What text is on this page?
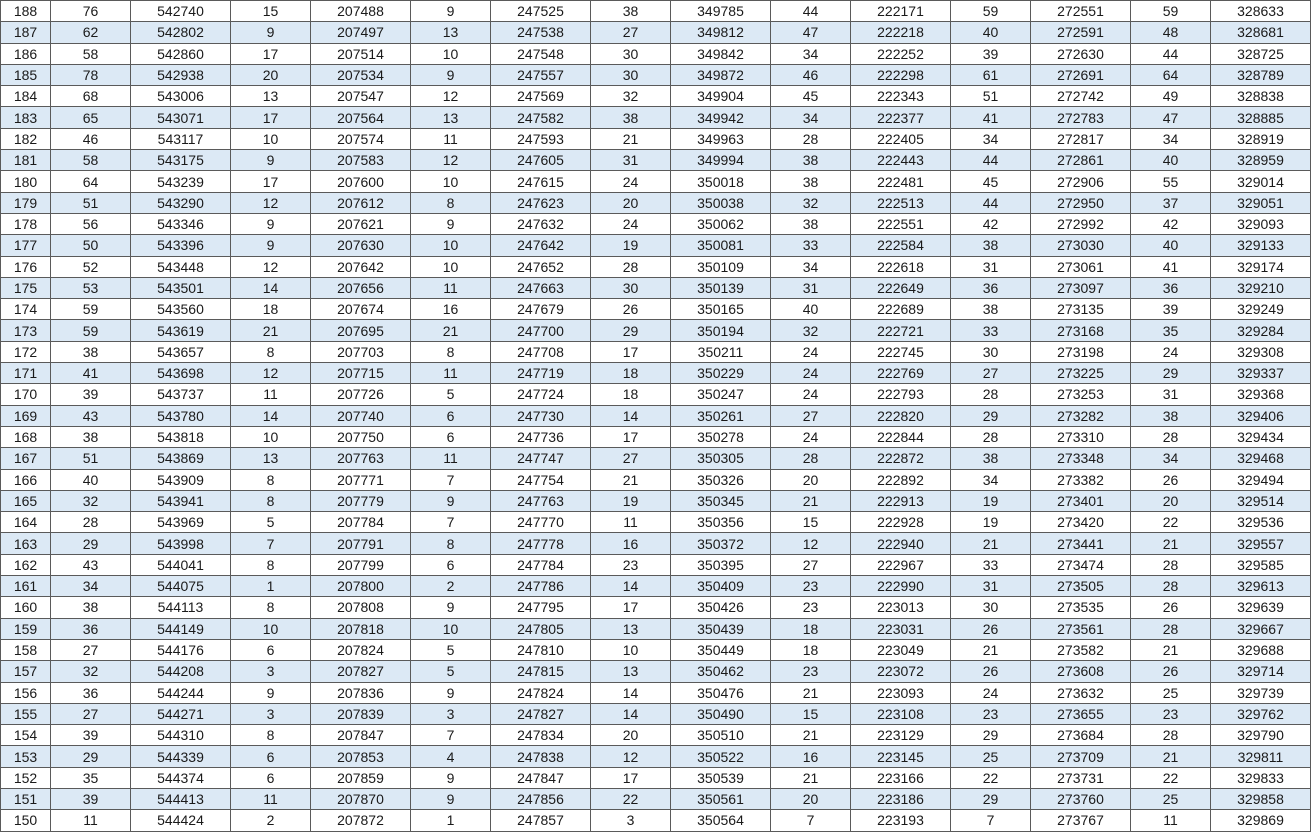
188	76	542740	15	207488	9	247525	38	349785	44	222171	59	272551	59	328633
187	62	542802	9	207497	13	247538	27	349812	47	222218	40	272591	48	328681
186	58	542860	17	207514	10	247548	30	349842	34	222252	39	272630	44	328725
185	78	542938	20	207534	9	247557	30	349872	46	222298	61	272691	64	328789
184	68	543006	13	207547	12	247569	32	349904	45	222343	51	272742	49	328838
183	65	543071	17	207564	13	247582	38	349942	34	222377	41	272783	47	328885
182	46	543117	10	207574	11	247593	21	349963	28	222405	34	272817	34	328919
181	58	543175	9	207583	12	247605	31	349994	38	222443	44	272861	40	328959
180	64	543239	17	207600	10	247615	24	350018	38	222481	45	272906	55	329014
179	51	543290	12	207612	8	247623	20	350038	32	222513	44	272950	37	329051
178	56	543346	9	207621	9	247632	24	350062	38	222551	42	272992	42	329093
177	50	543396	9	207630	10	247642	19	350081	33	222584	38	273030	40	329133
176	52	543448	12	207642	10	247652	28	350109	34	222618	31	273061	41	329174
175	53	543501	14	207656	11	247663	30	350139	31	222649	36	273097	36	329210
174	59	543560	18	207674	16	247679	26	350165	40	222689	38	273135	39	329249
173	59	543619	21	207695	21	247700	29	350194	32	222721	33	273168	35	329284
172	38	543657	8	207703	8	247708	17	350211	24	222745	30	273198	24	329308
171	41	543698	12	207715	11	247719	18	350229	24	222769	27	273225	29	329337
170	39	543737	11	207726	5	247724	18	350247	24	222793	28	273253	31	329368
169	43	543780	14	207740	6	247730	14	350261	27	222820	29	273282	38	329406
168	38	543818	10	207750	6	247736	17	350278	24	222844	28	273310	28	329434
167	51	543869	13	207763	11	247747	27	350305	28	222872	38	273348	34	329468
166	40	543909	8	207771	7	247754	21	350326	20	222892	34	273382	26	329494
165	32	543941	8	207779	9	247763	19	350345	21	222913	19	273401	20	329514
164	28	543969	5	207784	7	247770	11	350356	15	222928	19	273420	22	329536
163	29	543998	7	207791	8	247778	16	350372	12	222940	21	273441	21	329557
162	43	544041	8	207799	6	247784	23	350395	27	222967	33	273474	28	329585
161	34	544075	1	207800	2	247786	14	350409	23	222990	31	273505	28	329613
160	38	544113	8	207808	9	247795	17	350426	23	223013	30	273535	26	329639
159	36	544149	10	207818	10	247805	13	350439	18	223031	26	273561	28	329667
158	27	544176	6	207824	5	247810	10	350449	18	223049	21	273582	21	329688
157	32	544208	3	207827	5	247815	13	350462	23	223072	26	273608	26	329714
156	36	544244	9	207836	9	247824	14	350476	21	223093	24	273632	25	329739
155	27	544271	3	207839	3	247827	14	350490	15	223108	23	273655	23	329762
154	39	544310	8	207847	7	247834	20	350510	21	223129	29	273684	28	329790
153	29	544339	6	207853	4	247838	12	350522	16	223145	25	273709	21	329811
152	35	544374	6	207859	9	247847	17	350539	21	223166	22	273731	22	329833
151	39	544413	11	207870	9	247856	22	350561	20	223186	29	273760	25	329858
150	11	544424	2	207872	1	247857	3	350564	7	223193	7	273767	11	329869
